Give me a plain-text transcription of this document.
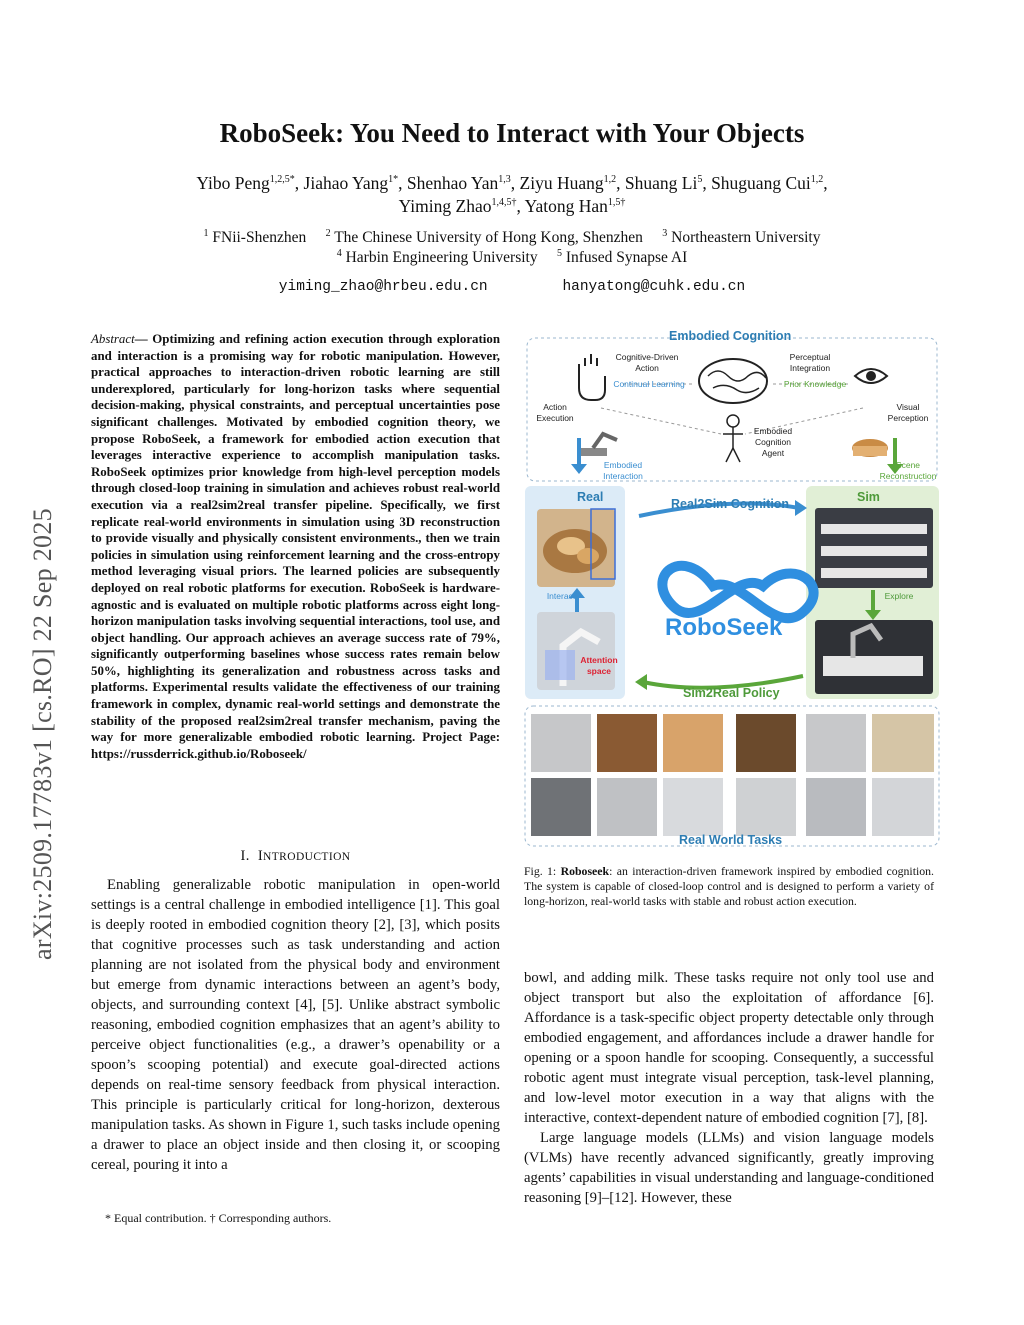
arXiv:2509.17783v1 [cs.RO] 22 Sep 2025
RoboSeek: You Need to Interact with Your Objects
Yibo Peng$^{1,2,5*}$, Jiahao Yang$^{1*}$, Shenhao Yan$^{1,3}$, Ziyu Huang$^{1,2}$, Shuang Li$^5$, Shuguang Cui$^{1,2}$,
Yiming Zhao$^{1,4,5\dagger}$, Yatong Han$^{1,5\dagger}$
$^1$ FNii-Shenzhen $^2$ The Chinese University of Hong Kong, Shenzhen $^3$ Northeastern University
$^4$ Harbin Engineering University $^5$ Infused Synapse AI
yiming_zhao@hrbeu.edu.cn	hanyatong@cuhk.edu.cn
Abstract— Optimizing and refining action execution through exploration and interaction is a promising way for robotic manipulation. However, practical approaches to interaction-driven robotic learning are still underexplored, particularly for long-horizon tasks where sequential decision-making, physical constraints, and perceptual uncertainties pose significant challenges. Motivated by embodied cognition theory, we propose RoboSeek, a framework for embodied action execution that leverages interactive experience to accomplish manipulation tasks. RoboSeek optimizes prior knowledge from high-level perception models through closed-loop training in simulation and achieves robust real-world execution via a real2sim2real transfer pipeline. Specifically, we first replicate real-world environments in simulation using 3D reconstruction to provide visually and physically consistent environments., then we train policies in simulation using reinforcement learning and the cross-entropy method leveraging visual priors. The learned policies are subsequently deployed on real robotic platforms for execution. RoboSeek is hardware-agnostic and is evaluated on multiple robotic platforms across eight long-horizon manipulation tasks involving sequential interactions, tool use, and object handling. Our approach achieves an average success rate of 79%, significantly outperforming baselines whose success rates remain below 50%, highlighting its generalization and robustness across tasks and platforms. Experimental results validate the effectiveness of our training framework in complex, dynamic real-world settings and demonstrate the stability of the proposed real2sim2real transfer mechanism, paving the way for more generalizable embodied robotic learning. Project Page: https://russderrick.github.io/Roboseek/
I. INTRODUCTION
Enabling generalizable robotic manipulation in open-world settings is a central challenge in embodied intelligence [1]. This goal is deeply rooted in embodied cognition theory [2], [3], which posits that cognitive processes such as task understanding and action planning are not isolated from the physical body and environment but emerge from dynamic interactions between an agent’s body, objects, and surrounding context [4], [5]. Unlike abstract symbolic reasoning, embodied cognition emphasizes that an agent’s ability to perceive object functionalities (e.g., a drawer’s openability or a spoon’s scooping potential) and execute goal-directed actions depends on real-time sensory feedback from physical interaction. This principle is particularly critical for long-horizon, dexterous manipulation tasks. As shown in Figure 1, such tasks include opening a drawer to place an object inside and then closing it, or scooping cereal, pouring it into a
* Equal contribution. † Corresponding authors.
Embodied Cognition
Cognitive-Driven Action
Perceptual Integration
Continual Learning	Prior Knowledge
Action Execution
Visual Perception
Embodied Cognition Agent
Embodied Interaction
Scene Reconstruction
Real	Sim
Real2Sim Cognition
Sim2Real Policy
Interact	Explore
Attention space
RoboSeek
Real World Tasks
Fig. 1: Roboseek: an interaction-driven framework inspired by embodied cognition. The system is capable of closed-loop control and is designed to perform a variety of long-horizon, real-world tasks with stable and robust action execution.

bowl, and adding milk. These tasks require not only tool use and object transport but also the exploitation of affordance [6]. Affordance is a task-specific object property detectable only through embodied engagement, and affordances include a drawer handle for opening or a spoon handle for scooping. Consequently, a successful robotic agent must integrate visual perception, task-level planning, and low-level motor execution in a way that aligns with the interactive, context-dependent nature of embodied cognition [7], [8].

Large language models (LLMs) and vision language models (VLMs) have recently advanced significantly, greatly improving agents’ capabilities in visual understanding and language-conditioned reasoning [9]–[12]. However, these
